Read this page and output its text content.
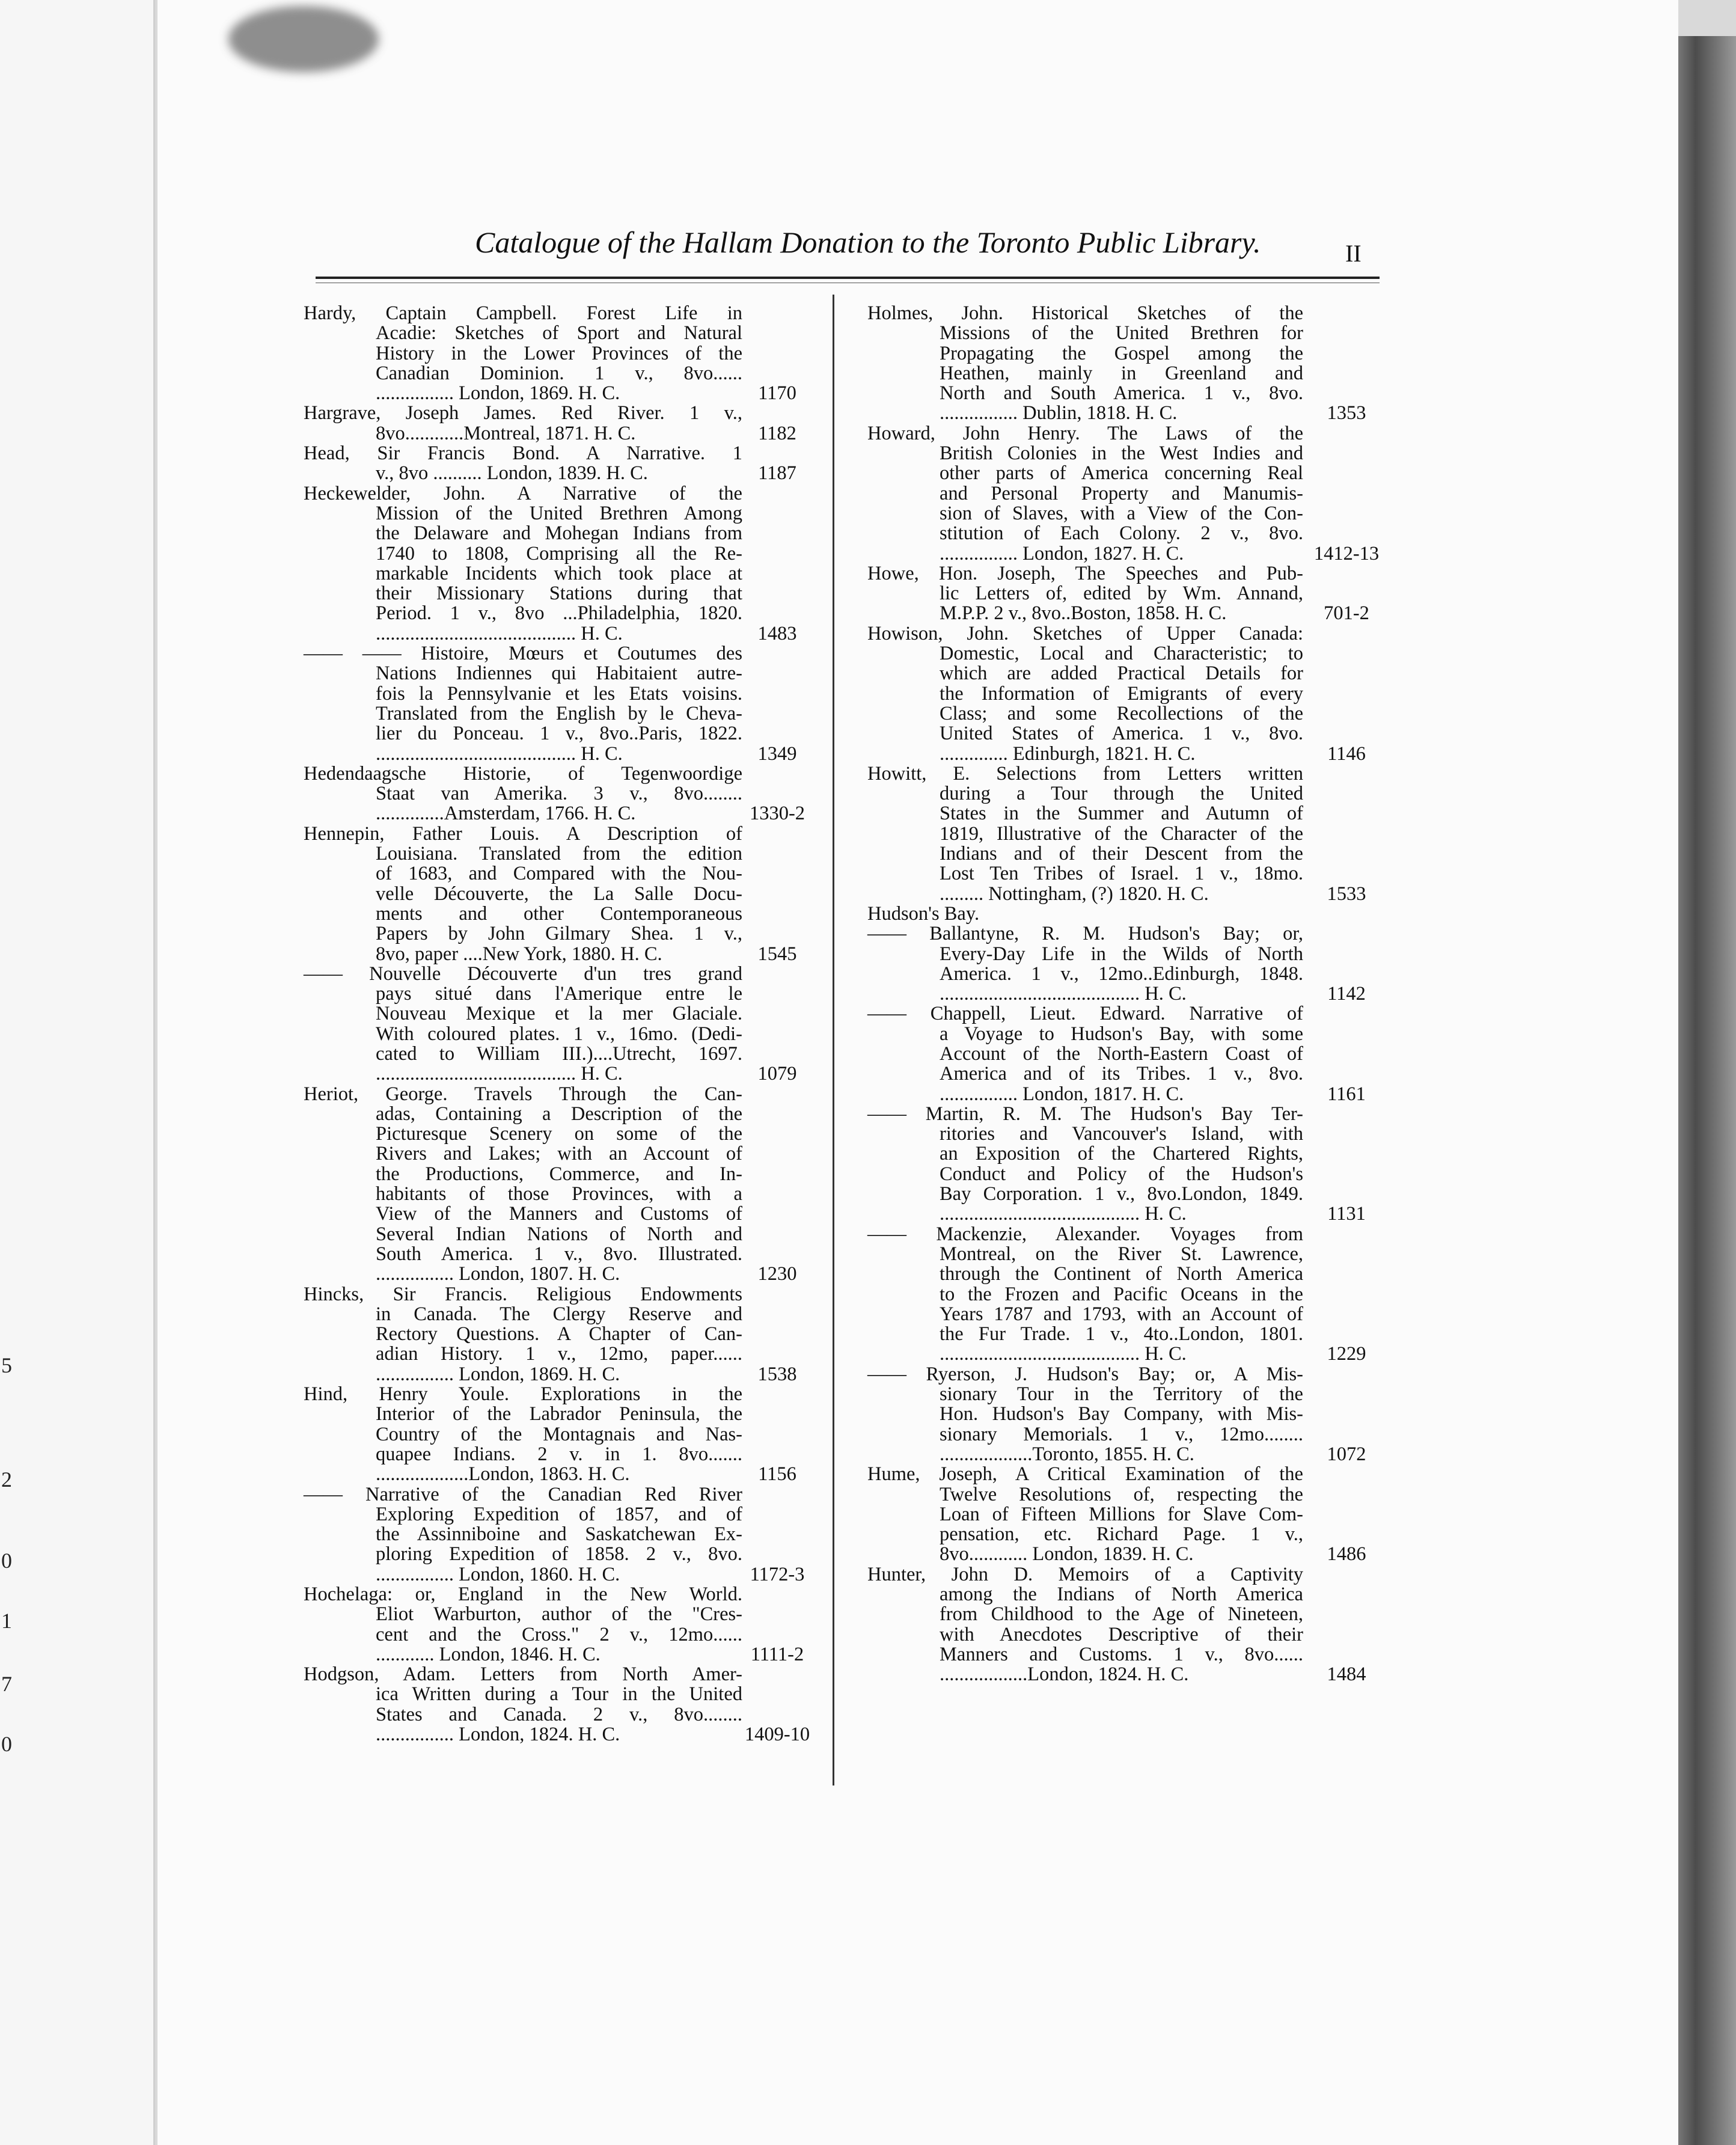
5
2
0
1
7
0
Catalogue of the Hallam Donation to the Toronto Public Library.	II
Hardy, Captain Campbell. Forest Life in
Acadie: Sketches of Sport and Natural
History in the Lower Provinces of the
Canadian Dominion. 1 v., 8vo......
................ London, 1869. H. C.
Hargrave, Joseph James. Red River. 1 v.,
8vo............Montreal, 1871. H. C.
Head, Sir Francis Bond. A Narrative. 1
v., 8vo .......... London, 1839. H. C.
Heckewelder, John. A Narrative of the
Mission of the United Brethren Among
the Delaware and Mohegan Indians from
1740 to 1808, Comprising all the Re-
markable Incidents which took place at
their Missionary Stations during that
Period. 1 v., 8vo ...Philadelphia, 1820.
......................................... H. C.
—— —— Histoire, Mœurs et Coutumes des
Nations Indiennes qui Habitaient autre-
fois la Pennsylvanie et les Etats voisins.
Translated from the English by le Cheva-
lier du Ponceau. 1 v., 8vo..Paris, 1822.
......................................... H. C.
Hedendaagsche Historie, of Tegenwoordige
Staat van Amerika. 3 v., 8vo........
..............Amsterdam, 1766. H. C.
Hennepin, Father Louis. A Description of
Louisiana. Translated from the edition
of 1683, and Compared with the Nou-
velle Découverte, the La Salle Docu-
ments and other Contemporaneous
Papers by John Gilmary Shea. 1 v.,
8vo, paper ....New York, 1880. H. C.
—— Nouvelle Découverte d'un tres grand
pays situé dans l'Amerique entre le
Nouveau Mexique et la mer Glaciale.
With coloured plates. 1 v., 16mo. (Dedi-
cated to William III.)....Utrecht, 1697.
......................................... H. C.
Heriot, George. Travels Through the Can-
adas, Containing a Description of the
Picturesque Scenery on some of the
Rivers and Lakes; with an Account of
the Productions, Commerce, and In-
habitants of those Provinces, with a
View of the Manners and Customs of
Several Indian Nations of North and
South America. 1 v., 8vo. Illustrated.
................ London, 1807. H. C.
Hincks, Sir Francis. Religious Endowments
in Canada. The Clergy Reserve and
Rectory Questions. A Chapter of Can-
adian History. 1 v., 12mo, paper......
................ London, 1869. H. C.
Hind, Henry Youle. Explorations in the
Interior of the Labrador Peninsula, the
Country of the Montagnais and Nas-
quapee Indians. 2 v. in 1. 8vo.......
...................London, 1863. H. C.
—— Narrative of the Canadian Red River
Exploring Expedition of 1857, and of
the Assinniboine and Saskatchewan Ex-
ploring Expedition of 1858. 2 v., 8vo.
................ London, 1860. H. C.
Hochelaga: or, England in the New World.
Eliot Warburton, author of the "Cres-
cent and the Cross." 2 v., 12mo......
............ London, 1846. H. C.
Hodgson, Adam. Letters from North Amer-
ica Written during a Tour in the United
States and Canada. 2 v., 8vo........
................ London, 1824. H. C.
1170
1182
1187
1483
1349
1330-2
1545
1079
1230
1538
1156
1172-3
1111-2
1409-10
Holmes, John. Historical Sketches of the
Missions of the United Brethren for
Propagating the Gospel among the
Heathen, mainly in Greenland and
North and South America. 1 v., 8vo.
................ Dublin, 1818. H. C.
Howard, John Henry. The Laws of the
British Colonies in the West Indies and
other parts of America concerning Real
and Personal Property and Manumis-
sion of Slaves, with a View of the Con-
stitution of Each Colony. 2 v., 8vo.
................ London, 1827. H. C.
Howe, Hon. Joseph, The Speeches and Pub-
lic Letters of, edited by Wm. Annand,
M.P.P. 2 v., 8vo..Boston, 1858. H. C.
Howison, John. Sketches of Upper Canada:
Domestic, Local and Characteristic; to
which are added Practical Details for
the Information of Emigrants of every
Class; and some Recollections of the
United States of America. 1 v., 8vo.
.............. Edinburgh, 1821. H. C.
Howitt, E. Selections from Letters written
during a Tour through the United
States in the Summer and Autumn of
1819, Illustrative of the Character of the
Indians and of their Descent from the
Lost Ten Tribes of Israel. 1 v., 18mo.
......... Nottingham, (?) 1820. H. C.
Hudson's Bay.
—— Ballantyne, R. M. Hudson's Bay; or,
Every-Day Life in the Wilds of North
America. 1 v., 12mo..Edinburgh, 1848.
......................................... H. C.
—— Chappell, Lieut. Edward. Narrative of
a Voyage to Hudson's Bay, with some
Account of the North-Eastern Coast of
America and of its Tribes. 1 v., 8vo.
................ London, 1817. H. C.
—— Martin, R. M. The Hudson's Bay Ter-
ritories and Vancouver's Island, with
an Exposition of the Chartered Rights,
Conduct and Policy of the Hudson's
Bay Corporation. 1 v., 8vo.London, 1849.
......................................... H. C.
—— Mackenzie, Alexander. Voyages from
Montreal, on the River St. Lawrence,
through the Continent of North America
to the Frozen and Pacific Oceans in the
Years 1787 and 1793, with an Account of
the Fur Trade. 1 v., 4to..London, 1801.
......................................... H. C.
—— Ryerson, J. Hudson's Bay; or, A Mis-
sionary Tour in the Territory of the
Hon. Hudson's Bay Company, with Mis-
sionary Memorials. 1 v., 12mo........
...................Toronto, 1855. H. C.
Hume, Joseph, A Critical Examination of the
Twelve Resolutions of, respecting the
Loan of Fifteen Millions for Slave Com-
pensation, etc. Richard Page. 1 v.,
8vo............ London, 1839. H. C.
Hunter, John D. Memoirs of a Captivity
among the Indians of North America
from Childhood to the Age of Nineteen,
with Anecdotes Descriptive of their
Manners and Customs. 1 v., 8vo......
..................London, 1824. H. C.
1353
1412-13
701-2
1146
1533
1142
1161
1131
1229
1072
1486
1484
